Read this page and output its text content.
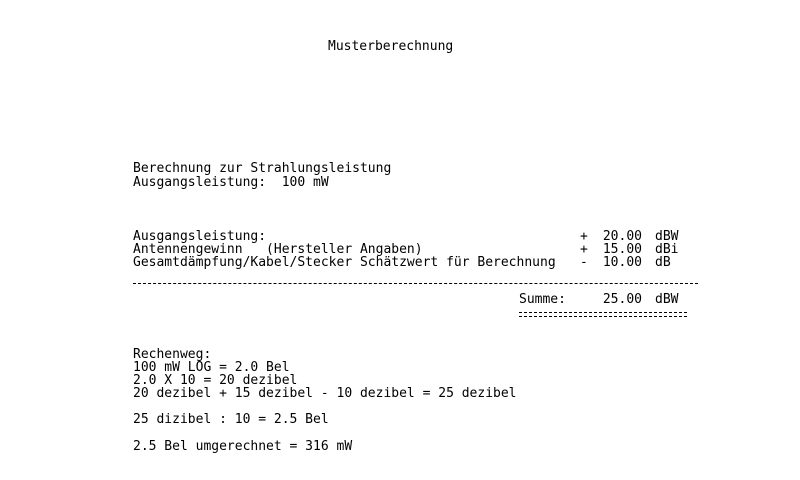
Musterberechnung
Berechnung zur Strahlungsleistung
Ausgangsleistung:  100 mW
Ausgangsleistung:	+	20.00 dBW
Antennengewinn   (Hersteller Angaben)	+	15.00 dBi
Gesamtdämpfung/Kabel/Stecker Schätzwert für Berechnung -	10.00 dB
Summe:	25.00 dBW
Rechenweg:
100 mW LOG = 2.0 Bel
2.0 X 10 = 20 dezibel
20 dezibel + 15 dezibel - 10 dezibel = 25 dezibel
25 dizibel : 10 = 2.5 Bel
2.5 Bel umgerechnet = 316 mW
